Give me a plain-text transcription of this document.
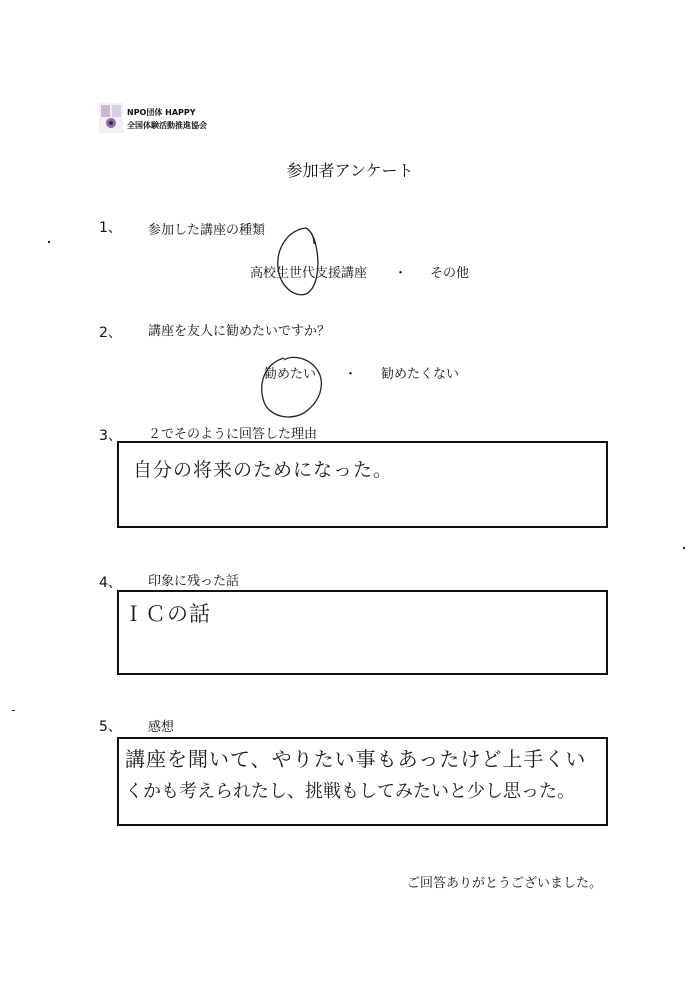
NPO団体 HAPPY
全国体験活動推進協会
参加者アンケート
1、 参加した講座の種類
高校生世代支援講座 ・ その他
2、 講座を友人に勧めたいですか？
勧めたい ・ 勧めたくない
3、 ２でそのように回答した理由
自分の将来のためになった。
4、 印象に残った話
ＩＣの話
5、 感想
講座を聞いて、やりたい事もあったけど上手くい
くかも考えられたし、挑戦もしてみたいと少し思った。
ご回答ありがとうございました。
